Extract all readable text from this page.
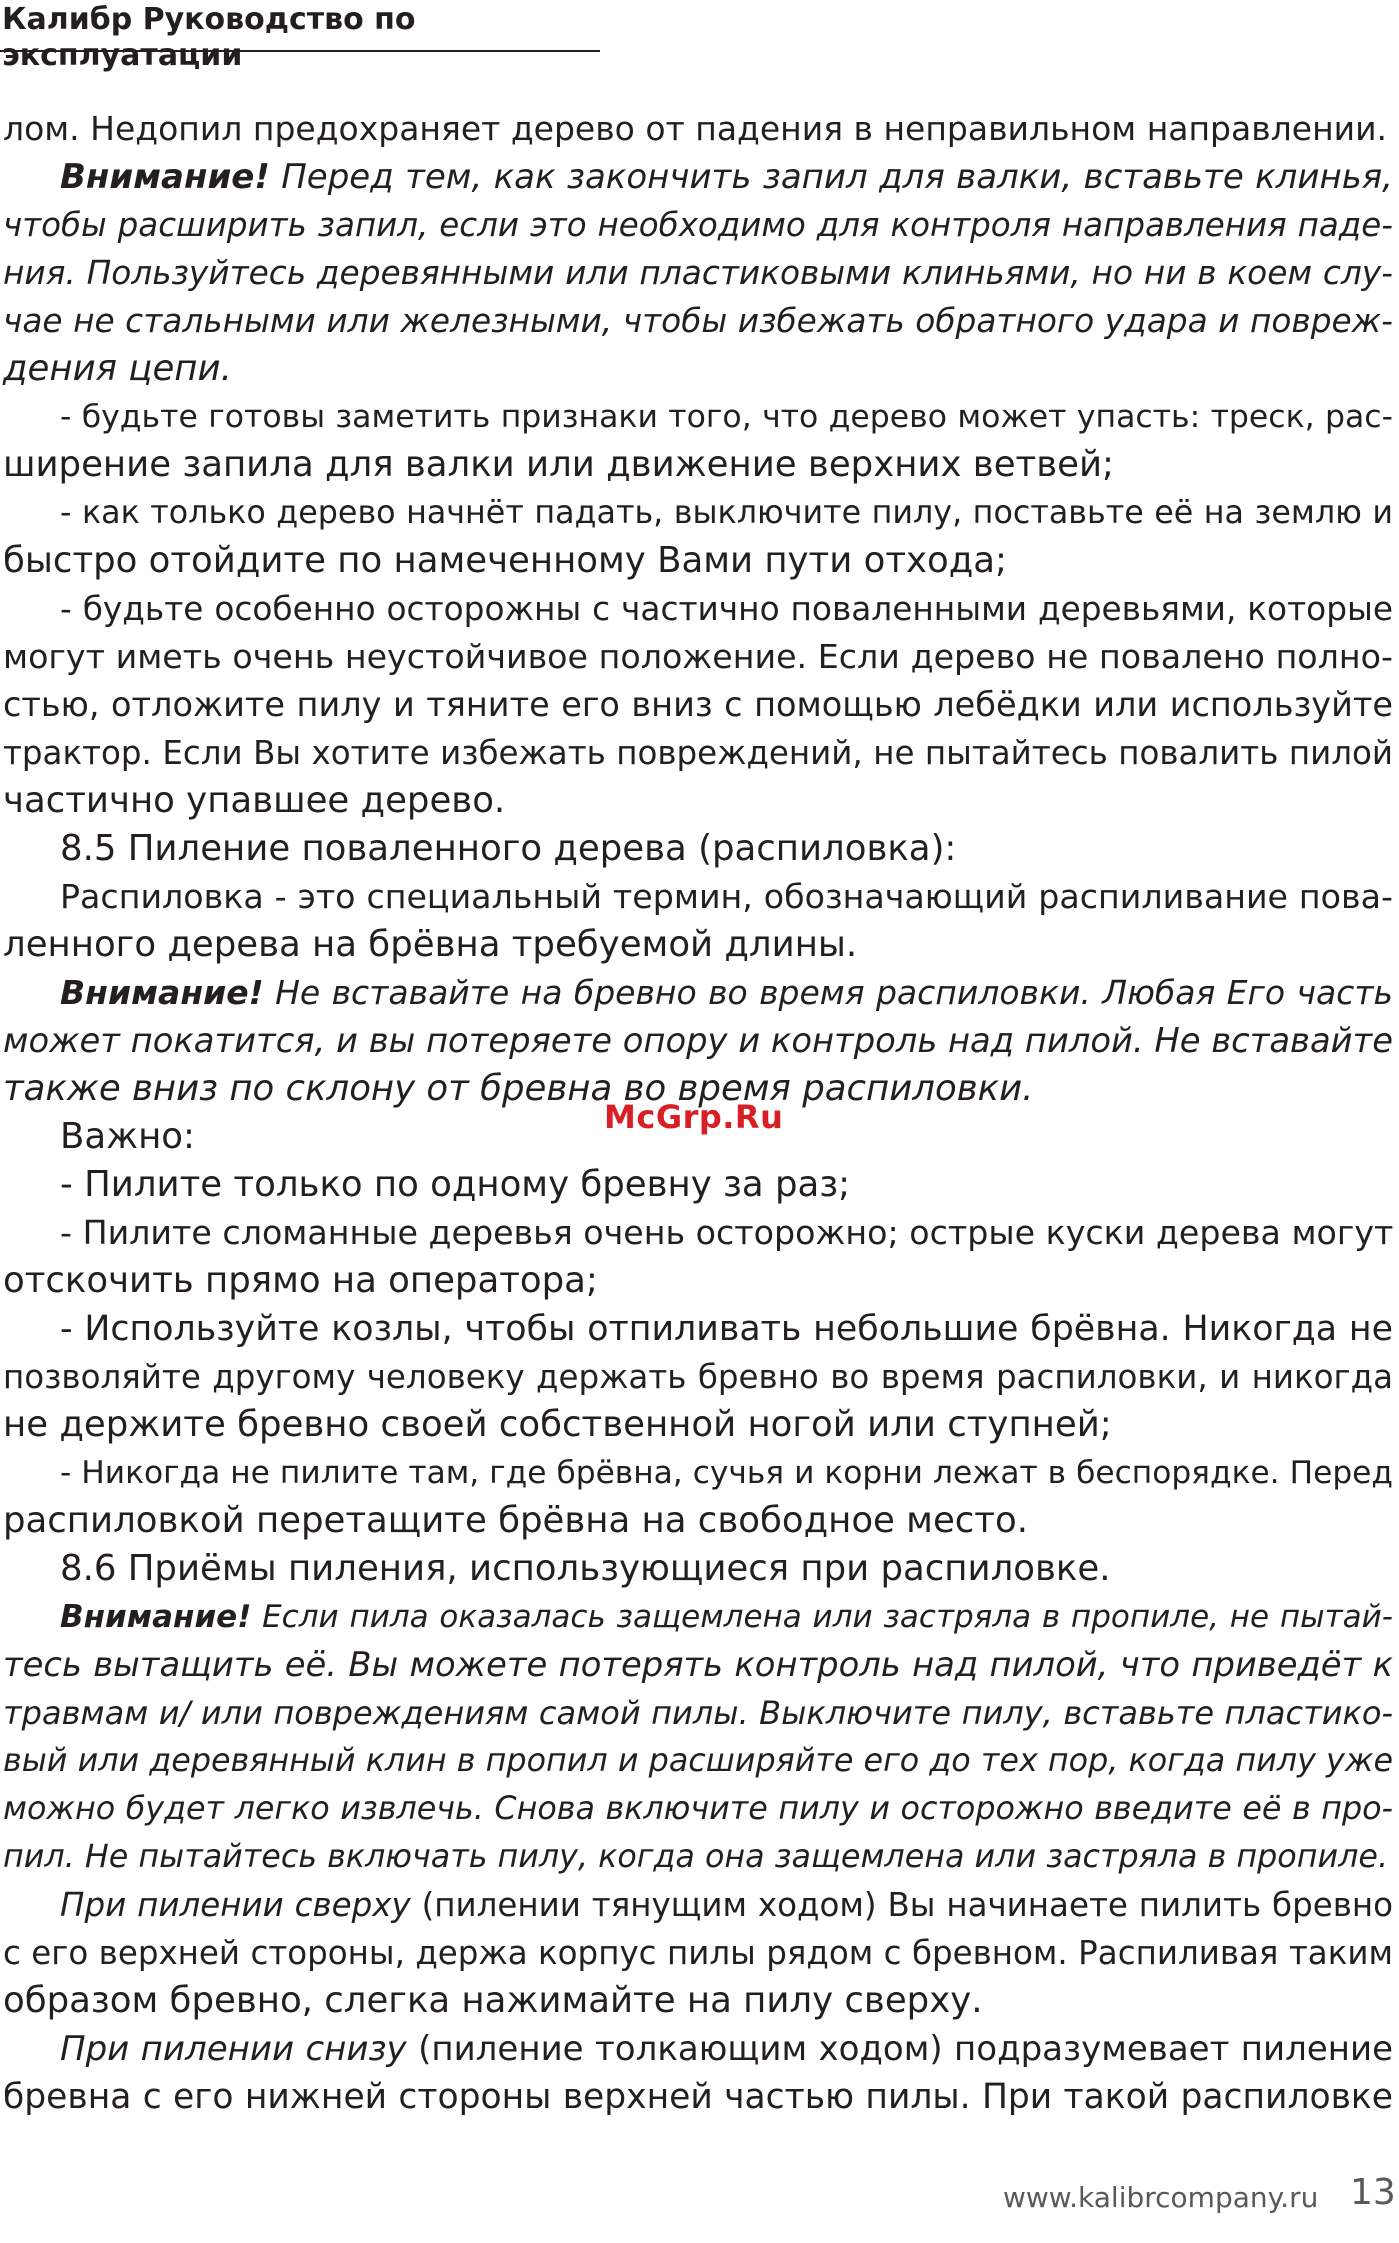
Калибр Руководство по эксплуатации
лом. Недопил предохраняет дерево от падения в неправильном направлении.
Внимание! Перед тем, как закончить запил для валки, вставьте клинья,
чтобы расширить запил, если это необходимо для контроля направления паде-
ния. Пользуйтесь деревянными или пластиковыми клиньями, но ни в коем слу-
чае не стальными или железными, чтобы избежать обратного удара и повреж-
дения цепи.
- будьте готовы заметить признаки того, что дерево может упасть: треск, рас-
ширение запила для валки или движение верхних ветвей;
- как только дерево начнёт падать, выключите пилу, поставьте её на землю и
быстро отойдите по намеченному Вами пути отхода;
- будьте особенно осторожны с частично поваленными деревьями, которые
могут иметь очень неустойчивое положение. Если дерево не повалено полно-
стью, отложите пилу и тяните его вниз с помощью лебёдки или используйте
трактор. Если Вы хотите избежать повреждений, не пытайтесь повалить пилой
частично упавшее дерево.
8.5 Пиление поваленного дерева (распиловка):
Распиловка - это специальный термин, обозначающий распиливание пова-
ленного дерева на брёвна требуемой длины.
Внимание! Не вставайте на бревно во время распиловки. Любая Его часть
может покатится, и вы потеряете опору и контроль над пилой. Не вставайте
также вниз по склону от бревна во время распиловки.
Важно:
- Пилите только по одному бревну за раз;
- Пилите сломанные деревья очень осторожно; острые куски дерева могут
отскочить прямо на оператора;
- Используйте козлы, чтобы отпиливать небольшие брёвна. Никогда не
позволяйте другому человеку держать бревно во время распиловки, и никогда
не держите бревно своей собственной ногой или ступней;
- Никогда не пилите там, где брёвна, сучья и корни лежат в беспорядке. Перед
распиловкой перетащите брёвна на свободное место.
8.6 Приёмы пиления, использующиеся при распиловке.
Внимание! Если пила оказалась защемлена или застряла в пропиле, не пытай-
тесь вытащить её. Вы можете потерять контроль над пилой, что приведёт к
травмам и/ или повреждениям самой пилы. Выключите пилу, вставьте пластико-
вый или деревянный клин в пропил и расширяйте его до тех пор, когда пилу уже
можно будет легко извлечь. Снова включите пилу и осторожно введите её в про-
пил. Не пытайтесь включать пилу, когда она защемлена или застряла в пропиле.
При пилении сверху (пилении тянущим ходом) Вы начинаете пилить бревно
с его верхней стороны, держа корпус пилы рядом с бревном. Распиливая таким
образом бревно, слегка нажимайте на пилу сверху.
При пилении снизу (пиление толкающим ходом) подразумевает пиление
бревна с его нижней стороны верхней частью пилы. При такой распиловке
McGrp.Ru
www.kalibrcompany.ru 13
